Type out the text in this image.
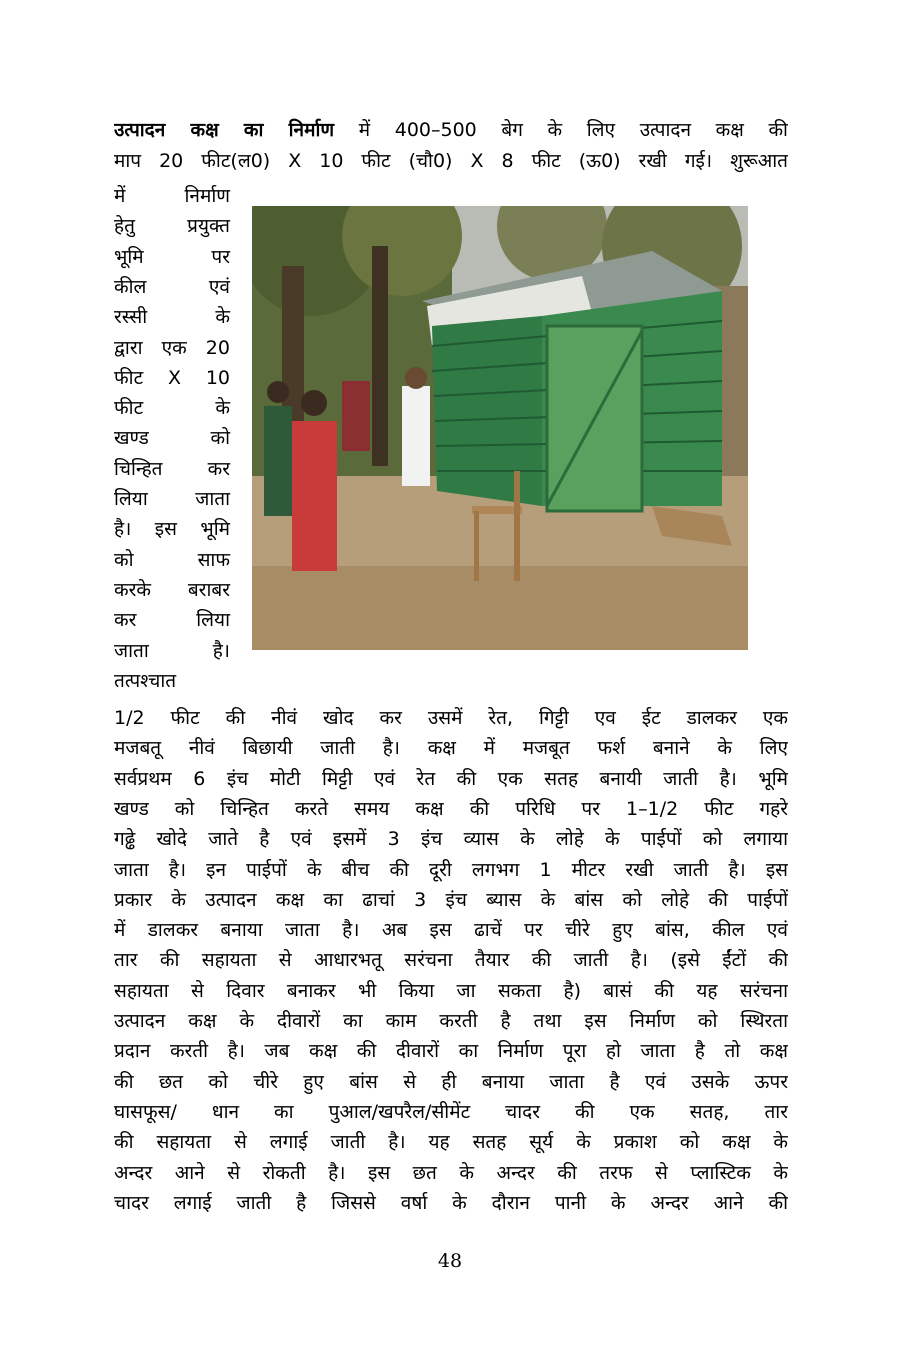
उत्पादन कक्ष का निर्माण में 400–500 बेग के लिए उत्पादन कक्ष की
माप 20 फीट(ल0) X 10 फीट (चौ0) X 8 फीट (ऊ0) रखी गई। शुरूआत
में निर्माण
हेतु प्रयुक्त
भूमि पर
कील एवं
रस्सी के
द्वारा एक 20
फीट X 10
फीट के
खण्ड को
चिन्हित कर
लिया जाता
है। इस भूमि
को साफ
करके बराबर
कर लिया
जाता है।
तत्पश्चात
1/2 फीट की नीवं खोद कर उसमें रेत, गिट्टी एव ईट डालकर एक
मजबतू नीवं बिछायी जाती है। कक्ष में मजबूत फर्श बनाने के लिए
सर्वप्रथम 6 इंच मोटी मिट्टी एवं रेत की एक सतह बनायी जाती है। भूमि
खण्ड को चिन्हित करते समय कक्ष की परिधि पर 1–1/2 फीट गहरे
गढ्ढे खोदे जाते है एवं इसमें 3 इंच व्यास के लोहे के पाईपों को लगाया
जाता है। इन पाईपों के बीच की दूरी लगभग 1 मीटर रखी जाती है। इस
प्रकार के उत्पादन कक्ष का ढाचां 3 इंच ब्यास के बांस को लोहे की पाईपों
में डालकर बनाया जाता है। अब इस ढाचें पर चीरे हुए बांस, कील एवं
तार की सहायता से आधारभतू सरंचना तैयार की जाती है। (इसे ईंटों की
सहायता से दिवार बनाकर भी किया जा सकता है) बासं की यह सरंचना
उत्पादन कक्ष के दीवारों का काम करती है तथा इस निर्माण को स्थिरता
प्रदान करती है। जब कक्ष की दीवारों का निर्माण पूरा हो जाता है तो कक्ष
की छत को चीरे हुए बांस से ही बनाया जाता है एवं उसके ऊपर
घासफूस/ धान का पुआल/खपरैल/सीमेंट चादर की एक सतह, तार
की सहायता से लगाई जाती है। यह सतह सूर्य के प्रकाश को कक्ष के
अन्दर आने से रोकती है। इस छत के अन्दर की तरफ से प्लास्टिक के
चादर लगाई जाती है जिससे वर्षा के दौरान पानी के अन्दर आने की
48
